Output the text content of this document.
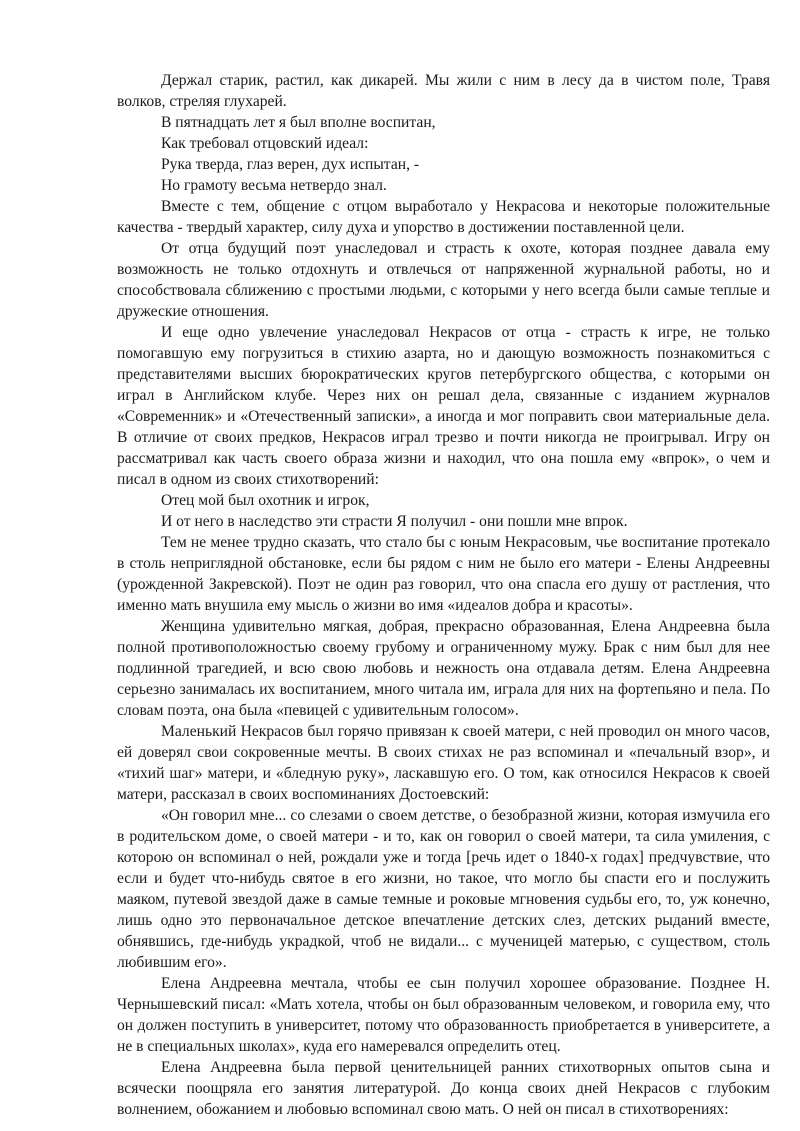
Держал старик, растил, как дикарей. Мы жили с ним в лесу да в чистом поле, Травя волков, стреляя глухарей.

В пятнадцать лет я был вполне воспитан,

Как требовал отцовский идеал:

Рука тверда, глаз верен, дух испытан, -

Но грамоту весьма нетвердо знал.

Вместе с тем, общение с отцом выработало у Некрасова и некоторые положительные качества - твердый характер, силу духа и упорство в достижении поставленной цели.

От отца будущий поэт унаследовал и страсть к охоте, которая позднее давала ему возможность не только отдохнуть и отвлечься от напряженной журнальной работы, но и способствовала сближению с простыми людьми, с которыми у него всегда были самые теплые и дружеские отношения.

И еще одно увлечение унаследовал Некрасов от отца - страсть к игре, не только помогавшую ему погрузиться в стихию азарта, но и дающую возможность познакомиться с представителями высших бюрократических кругов петербургского общества, с которыми он играл в Английском клубе. Через них он решал дела, связанные с изданием журналов «Современник» и «Отечественный записки», а иногда и мог поправить свои материальные дела. В отличие от своих предков, Некрасов играл трезво и почти никогда не проигрывал. Игру он рассматривал как часть своего образа жизни и находил, что она пошла ему «впрок», о чем и писал в одном из своих стихотворений:

Отец мой был охотник и игрок,

И от него в наследство эти страсти Я получил - они пошли мне впрок.

Тем не менее трудно сказать, что стало бы с юным Некрасовым, чье воспитание протекало в столь неприглядной обстановке, если бы рядом с ним не было его матери - Елены Андреевны (урожденной Закревской). Поэт не один раз говорил, что она спасла его душу от растления, что именно мать внушила ему мысль о жизни во имя «идеалов добра и красоты».

Женщина удивительно мягкая, добрая, прекрасно образованная, Елена Андреевна была полной противоположностью своему грубому и ограниченному мужу. Брак с ним был для нее подлинной трагедией, и всю свою любовь и нежность она отдавала детям. Елена Андреевна серьезно занималась их воспитанием, много читала им, играла для них на фортепьяно и пела. По словам поэта, она была «певицей с удивительным голосом».

Маленький Некрасов был горячо привязан к своей матери, с ней проводил он много часов, ей доверял свои сокровенные мечты. В своих стихах не раз вспоминал и «печальный взор», и «тихий шаг» матери, и «бледную руку», ласкавшую его. О том, как относился Некрасов к своей матери, рассказал в своих воспоминаниях Достоевский:

«Он говорил мне... со слезами о своем детстве, о безобразной жизни, которая измучила его в родительском доме, о своей матери - и то, как он говорил о своей матери, та сила умиления, с которою он вспоминал о ней, рождали уже и тогда [речь идет о 1840-х годах] предчувствие, что если и будет что-нибудь святое в его жизни, но такое, что могло бы спасти его и послужить маяком, путевой звездой даже в самые темные и роковые мгновения судьбы его, то, уж конечно, лишь одно это первоначальное детское впечатление детских слез, детских рыданий вместе, обнявшись, где-нибудь украдкой, чтоб не видали... с мученицей матерью, с существом, столь любившим его».

Елена Андреевна мечтала, чтобы ее сын получил хорошее образование. Позднее Н. Чернышевский писал: «Мать хотела, чтобы он был образованным человеком, и говорила ему, что он должен поступить в университет, потому что образованность приобретается в университете, а не в специальных школах», куда его намеревался определить отец.

Елена Андреевна была первой ценительницей ранних стихотворных опытов сына и всячески поощряла его занятия литературой. До конца своих дней Некрасов с глубоким волнением, обожанием и любовью вспоминал свою мать. О ней он писал в стихотворениях:
